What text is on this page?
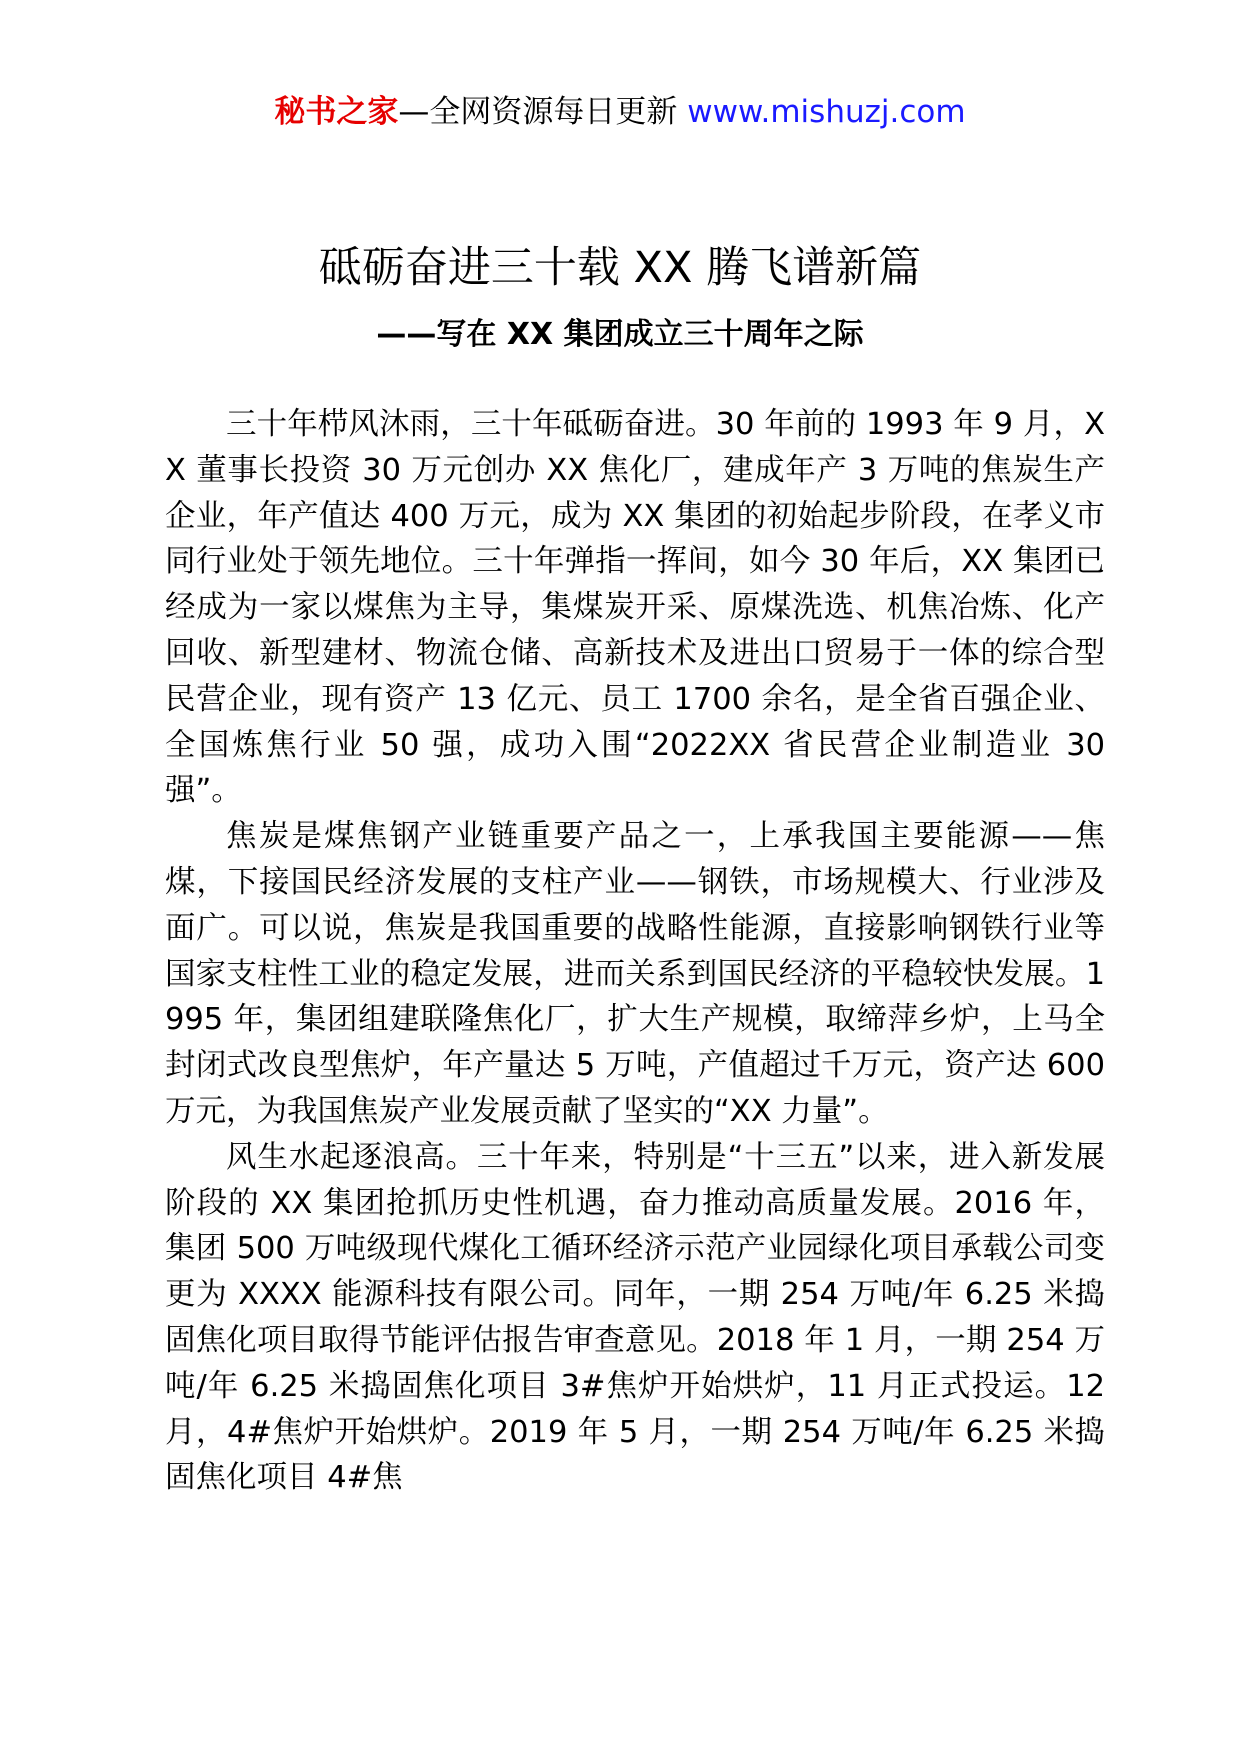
秘书之家—全网资源每日更新 www.mishuzj.com
砥砺奋进三十载 XX 腾飞谱新篇
——写在 XX 集团成立三十周年之际

三十年栉风沐雨，三十年砥砺奋进。30 年前的 1993 年 9 月，XX 董事长投资 30 万元创办 XX 焦化厂，建成年产 3 万吨的焦炭生产企业，年产值达 400 万元，成为 XX 集团的初始起步阶段，在孝义市同行业处于领先地位。三十年弹指一挥间，如今 30 年后，XX 集团已经成为一家以煤焦为主导，集煤炭开采、原煤洗选、机焦冶炼、化产回收、新型建材、物流仓储、高新技术及进出口贸易于一体的综合型民营企业，现有资产 13 亿元、员工 1700 余名，是全省百强企业、全国炼焦行业 50 强，成功入围“2022XX 省民营企业制造业 30 强”。

焦炭是煤焦钢产业链重要产品之一，上承我国主要能源——焦煤，下接国民经济发展的支柱产业——钢铁，市场规模大、行业涉及面广。可以说，焦炭是我国重要的战略性能源，直接影响钢铁行业等国家支柱性工业的稳定发展，进而关系到国民经济的平稳较快发展。1995 年，集团组建联隆焦化厂，扩大生产规模，取缔萍乡炉，上马全封闭式改良型焦炉，年产量达 5 万吨，产值超过千万元，资产达 600 万元，为我国焦炭产业发展贡献了坚实的“XX 力量”。

风生水起逐浪高。三十年来，特别是“十三五”以来，进入新发展阶段的 XX 集团抢抓历史性机遇，奋力推动高质量发展。2016 年，集团 500 万吨级现代煤化工循环经济示范产业园绿化项目承载公司变更为 XXXX 能源科技有限公司。同年，一期 254 万吨/年 6.25 米捣固焦化项目取得节能评估报告审查意见。2018 年 1 月，一期 254 万吨/年 6.25 米捣固焦化项目 3#焦炉开始烘炉，11 月正式投运。12 月，4#焦炉开始烘炉。2019 年 5 月，一期 254 万吨/年 6.25 米捣固焦化项目 4#焦
